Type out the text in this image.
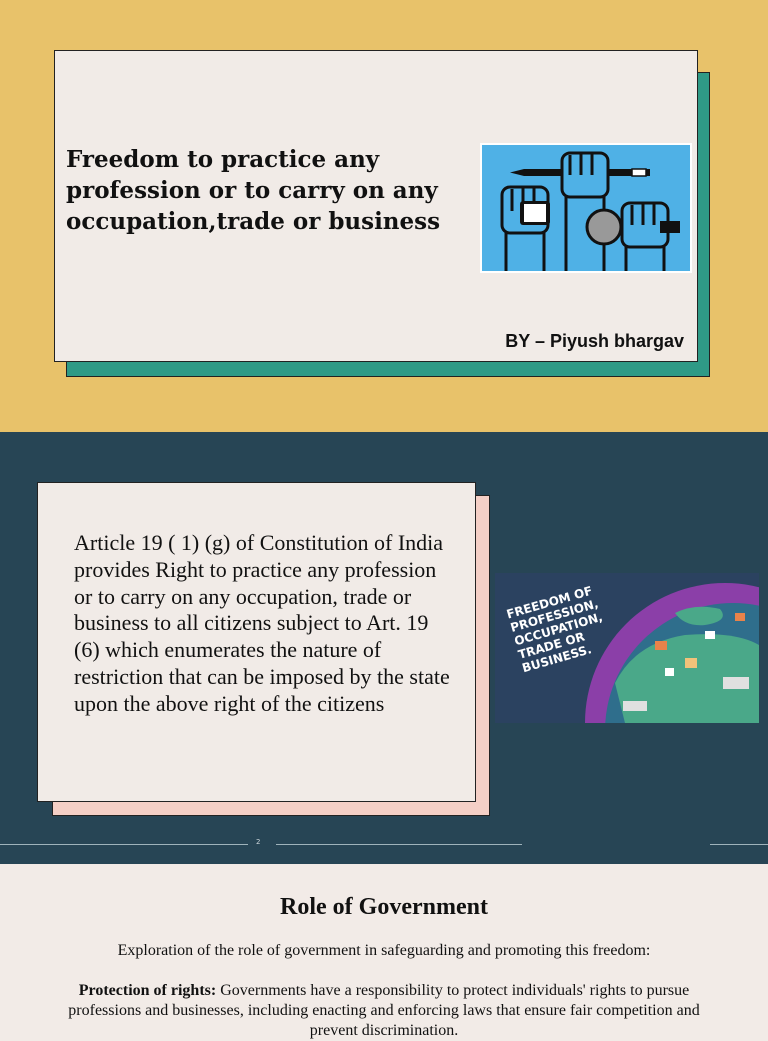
Freedom to practice any profession or to carry on any occupation,trade or business
BY – Piyush bhargav

Article 19 ( 1) (g) of Constitution of India provides Right to practice any profession or to carry on any occupation, trade or business to all citizens subject to Art. 19 (6) which enumerates the nature of restriction that can be imposed by the state upon the above right of the citizens

FREEDOM OF PROFESSION, OCCUPATION, TRADE OR BUSINESS.
2
Role of Government

Exploration of the role of government in safeguarding and promoting this freedom:

Protection of rights: Governments have a responsibility to protect individuals' rights to pursue professions and businesses, including enacting and enforcing laws that ensure fair competition and prevent discrimination.
